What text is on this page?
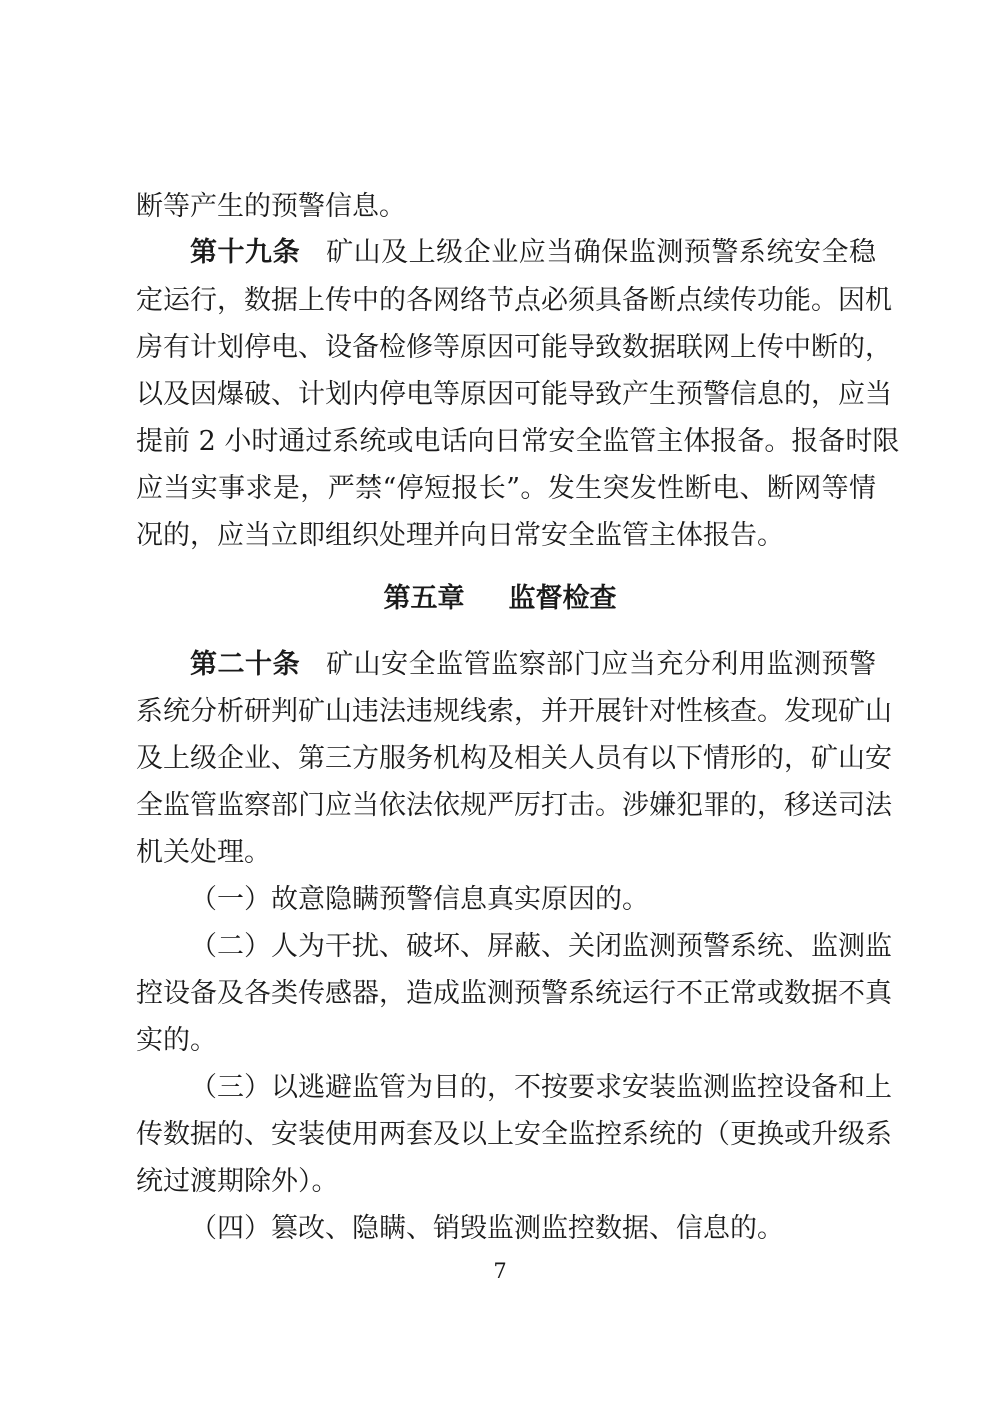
断等产生的预警信息。
第十九条 矿山及上级企业应当确保监测预警系统安全稳
定运行，数据上传中的各网络节点必须具备断点续传功能。因机
房有计划停电、设备检修等原因可能导致数据联网上传中断的，
以及因爆破、计划内停电等原因可能导致产生预警信息的，应当
提前 2 小时通过系统或电话向日常安全监管主体报备。报备时限
应当实事求是，严禁“停短报长”。发生突发性断电、断网等情
况的，应当立即组织处理并向日常安全监管主体报告。
第五章 监督检查
第二十条 矿山安全监管监察部门应当充分利用监测预警
系统分析研判矿山违法违规线索，并开展针对性核查。发现矿山
及上级企业、第三方服务机构及相关人员有以下情形的，矿山安
全监管监察部门应当依法依规严厉打击。涉嫌犯罪的，移送司法
机关处理。
（一）故意隐瞒预警信息真实原因的。
（二）人为干扰、破坏、屏蔽、关闭监测预警系统、监测监
控设备及各类传感器，造成监测预警系统运行不正常或数据不真
实的。
（三）以逃避监管为目的，不按要求安装监测监控设备和上
传数据的、安装使用两套及以上安全监控系统的（更换或升级系
统过渡期除外）。
（四）篡改、隐瞒、销毁监测监控数据、信息的。
7
